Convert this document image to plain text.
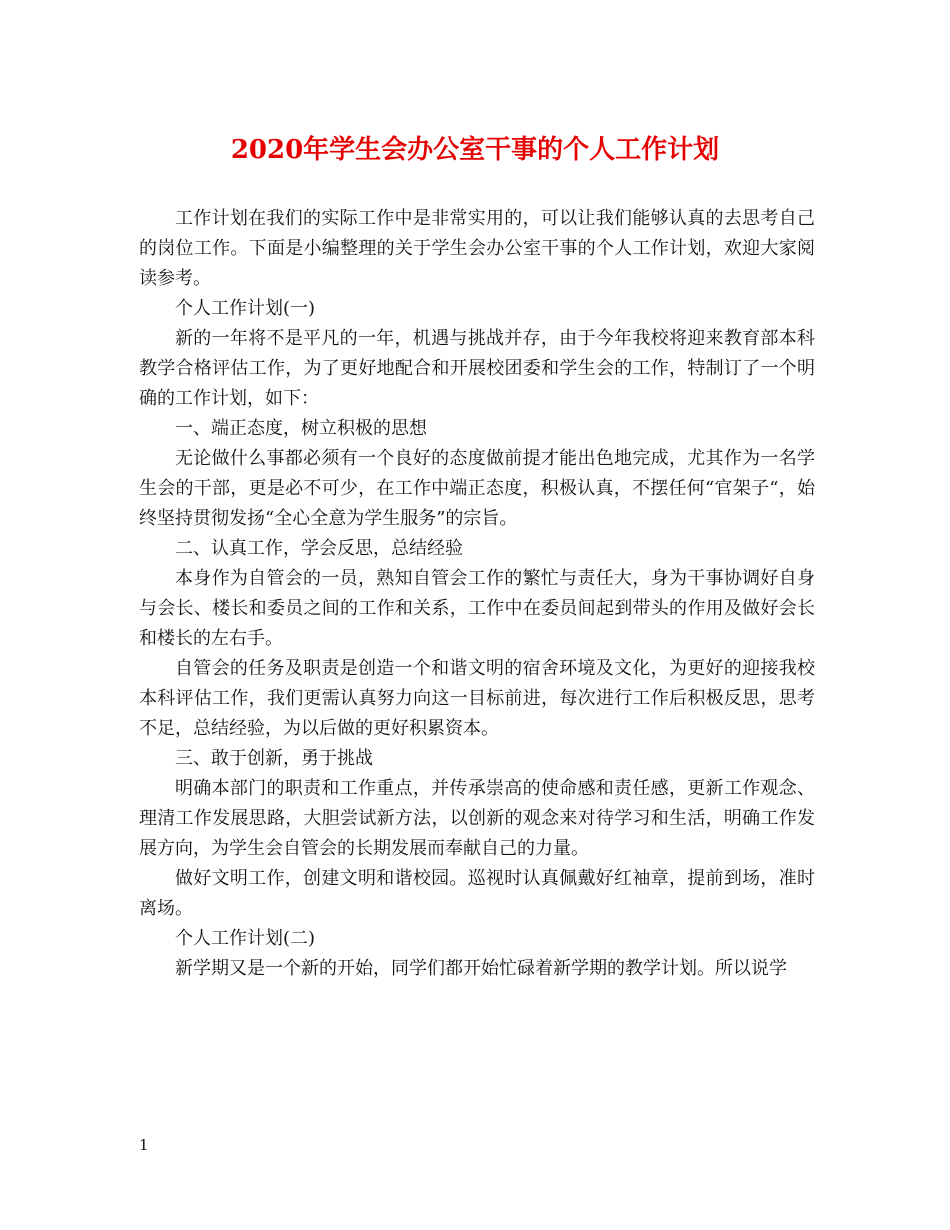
2020年学生会办公室干事的个人工作计划

工作计划在我们的实际工作中是非常实用的，可以让我们能够认真的去思考自己的岗位工作。下面是小编整理的关于学生会办公室干事的个人工作计划，欢迎大家阅读参考。

个人工作计划(一)

新的一年将不是平凡的一年，机遇与挑战并存，由于今年我校将迎来教育部本科教学合格评估工作，为了更好地配合和开展校团委和学生会的工作，特制订了一个明确的工作计划，如下：

一、端正态度，树立积极的思想

无论做什么事都必须有一个良好的态度做前提才能出色地完成，尤其作为一名学生会的干部，更是必不可少，在工作中端正态度，积极认真，不摆任何“官架子“，始终坚持贯彻发扬“全心全意为学生服务”的宗旨。

二、认真工作，学会反思，总结经验

本身作为自管会的一员，熟知自管会工作的繁忙与责任大，身为干事协调好自身与会长、楼长和委员之间的工作和关系，工作中在委员间起到带头的作用及做好会长和楼长的左右手。

自管会的任务及职责是创造一个和谐文明的宿舍环境及文化，为更好的迎接我校本科评估工作，我们更需认真努力向这一目标前进，每次进行工作后积极反思，思考不足，总结经验，为以后做的更好积累资本。

三、敢于创新，勇于挑战

明确本部门的职责和工作重点，并传承崇高的使命感和责任感，更新工作观念、理清工作发展思路，大胆尝试新方法，以创新的观念来对待学习和生活，明确工作发展方向，为学生会自管会的长期发展而奉献自己的力量。

做好文明工作，创建文明和谐校园。巡视时认真佩戴好红袖章，提前到场，准时离场。

个人工作计划(二)

新学期又是一个新的开始，同学们都开始忙碌着新学期的教学计划。所以说学

1
